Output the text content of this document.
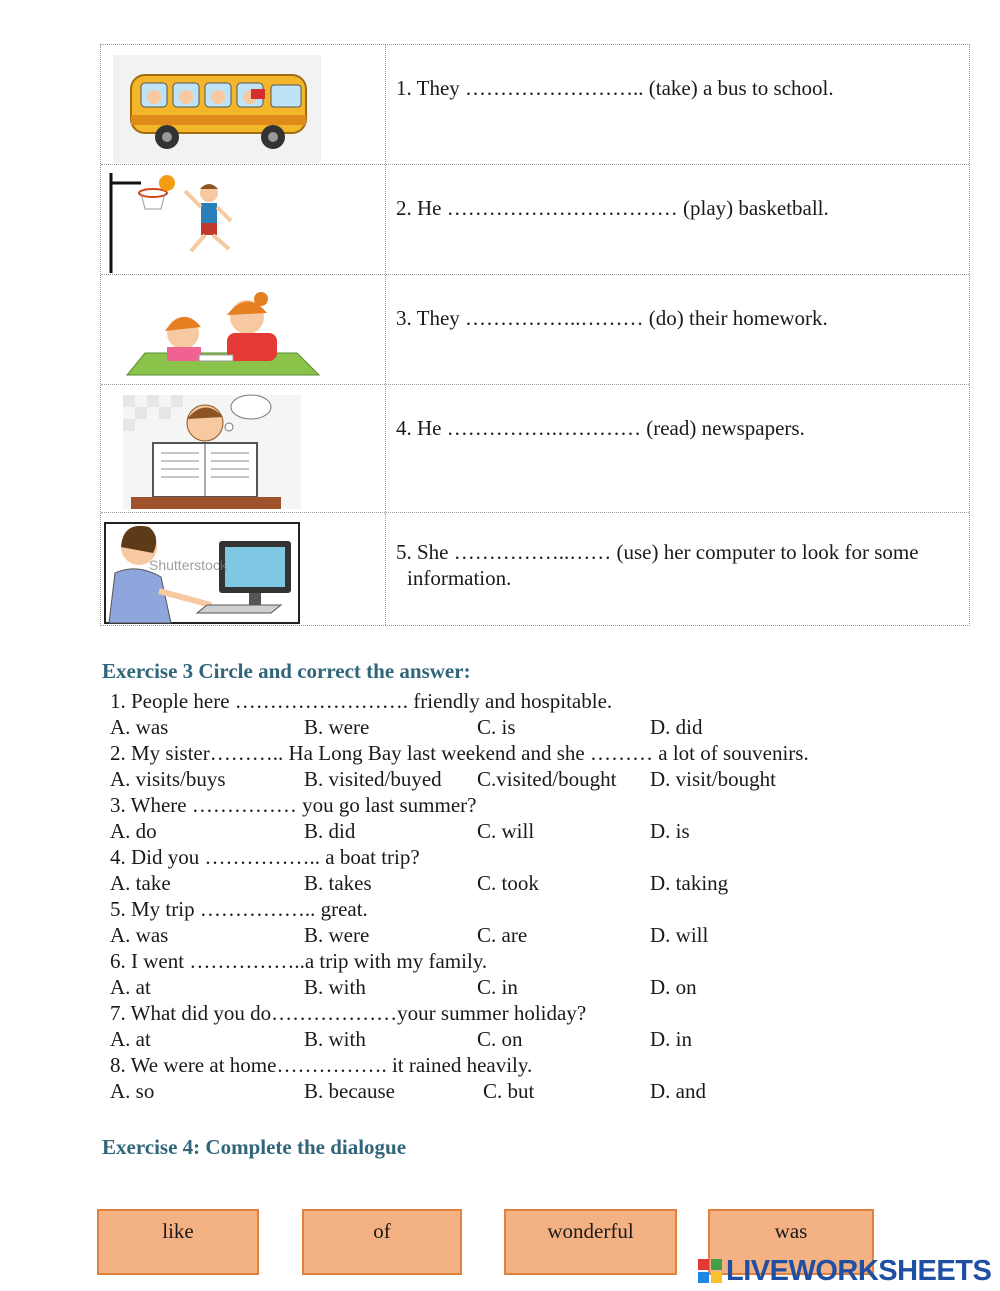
1. They …………………….. (take) a bus to school.
2. He …………………………… (play) basketball.
3. They ……………..……… (do) their homework.
4. He …………….………… (read) newspapers.
Shutterstock
5. She ……………..…… (use) her computer to look for some
information.
Exercise 3 Circle and correct the answer:
1. People here ……………………. friendly and hospitable.
A. was	B. were	C. is	D. did
2. My sister……….. Ha Long Bay last weekend and she ……… a lot of souvenirs.
A. visits/buys	B. visited/buyed C.visited/bought D. visit/bought
3. Where …………… you go last summer?
A. do	B. did	C. will	D. is
4. Did you …………….. a boat trip?
A. take	B. takes	C. took	D. taking
5. My trip …………….. great.
A. was	B. were	C. are	D. will
6. I went ……………..a trip with my family.
A. at	B. with	C. in	D. on
7. What did you do………………your summer holiday?
A. at	B. with	C. on	D. in
8. We were at home……………. it rained heavily.
A. so	B. because	C. but	D. and
Exercise 4: Complete the dialogue
like	of	wonderful	was
LIVEWORKSHEETS
